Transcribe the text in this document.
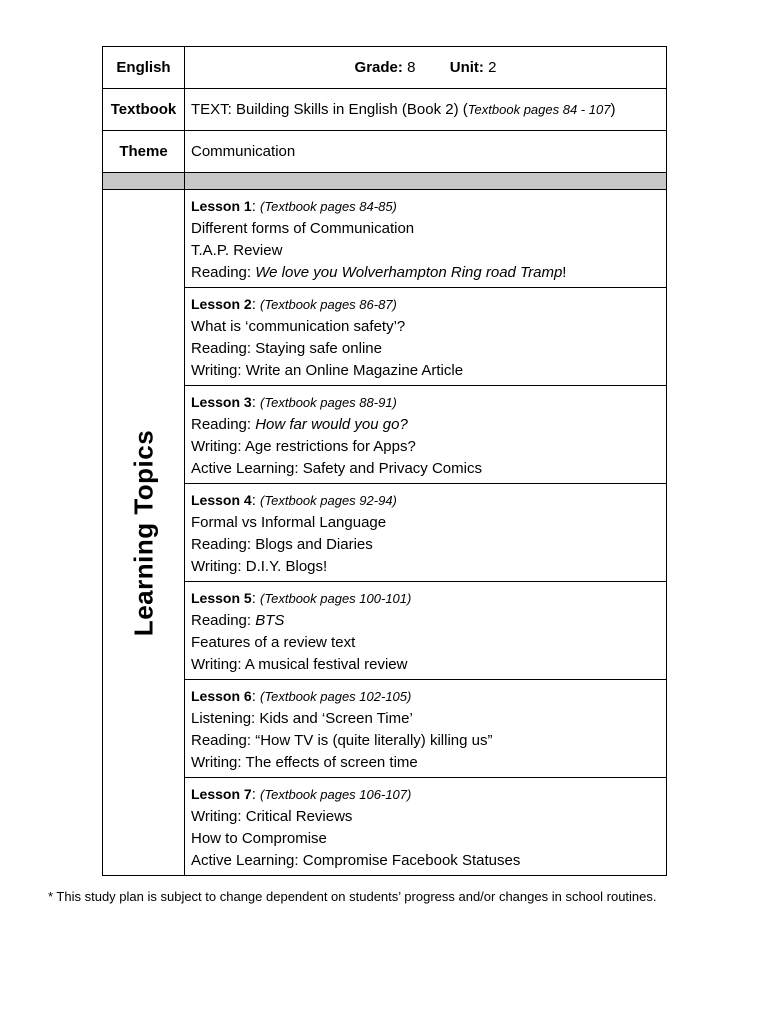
English	Grade: 8 Unit: 2
Textbook	TEXT: Building Skills in English (Book 2) (Textbook pages 84 - 107)
Theme	Communication

Learning Topics	Lesson 1: (Textbook pages 84-85)
Different forms of Communication
T.A.P. Review
Reading: We love you Wolverhampton Ring road Tramp!

	Lesson 2: (Textbook pages 86-87)
What is ‘communication safety’?
Reading: Staying safe online
Writing: Write an Online Magazine Article

	Lesson 3: (Textbook pages 88-91)
Reading: How far would you go?
Writing: Age restrictions for Apps?
Active Learning: Safety and Privacy Comics

	Lesson 4: (Textbook pages 92-94)
Formal vs Informal Language
Reading: Blogs and Diaries
Writing: D.I.Y. Blogs!

	Lesson 5: (Textbook pages 100-101)
Reading: BTS
Features of a review text
Writing: A musical festival review

	Lesson 6: (Textbook pages 102-105)
Listening: Kids and ‘Screen Time’
Reading: “How TV is (quite literally) killing us”
Writing: The effects of screen time

	Lesson 7: (Textbook pages 106-107)
Writing: Critical Reviews
How to Compromise
Active Learning: Compromise Facebook Statuses
* This study plan is subject to change dependent on students’ progress and/or changes in school routines.
